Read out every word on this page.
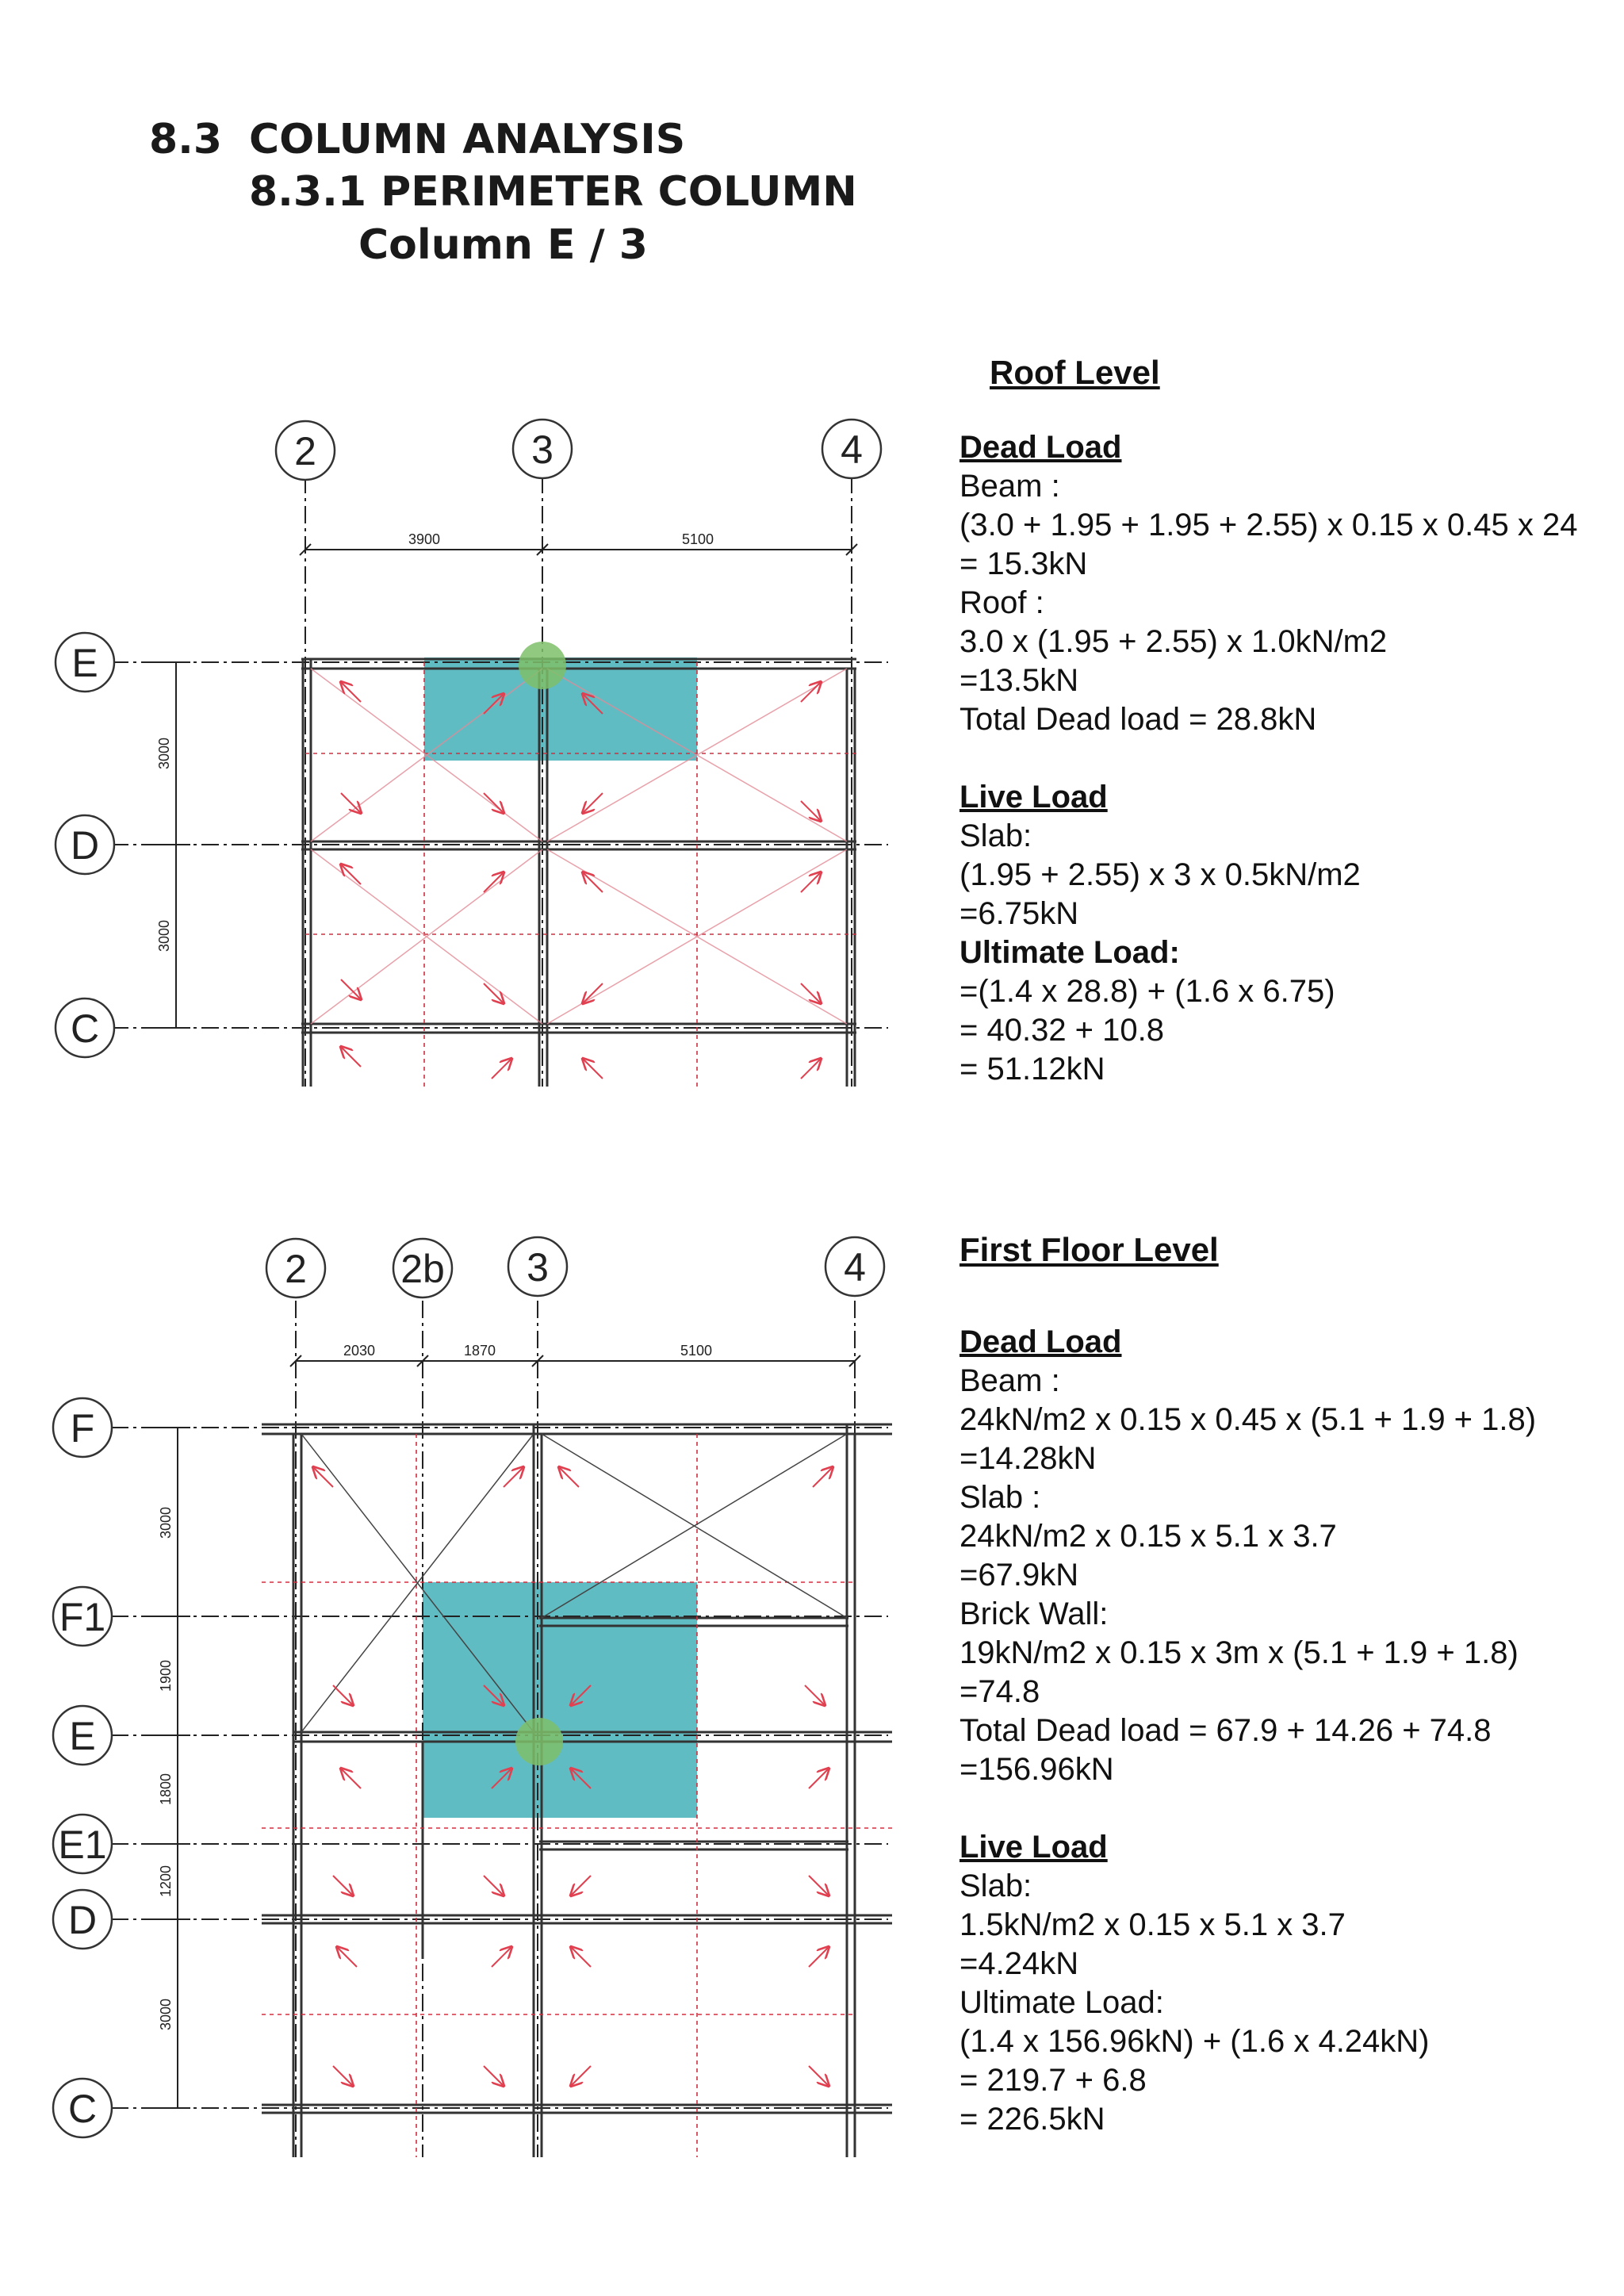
8.3 COLUMN ANALYSIS
8.3.1 PERIMETER COLUMN
Column E / 3
3900	5100
3000
3000
2	3	4
E
D
C
Roof Level
Dead Load
Beam :
(3.0 + 1.95 + 1.95 + 2.55) x 0.15 x 0.45 x 24
= 15.3kN
Roof :
3.0 x (1.95 + 2.55) x 1.0kN/m2
=13.5kN
Total Dead load = 28.8kN
Live Load
Slab:
(1.95 + 2.55) x 3 x 0.5kN/m2
=6.75kN
Ultimate Load:
=(1.4 x 28.8) + (1.6 x 6.75)
= 40.32 + 10.8
= 51.12kN
2030	1870	5100
3000
1900
1800
1200
3000
2 2b 3	4
F
F1
E
E1
D
C
First Floor Level
Dead Load
Beam :
24kN/m2 x 0.15 x 0.45 x (5.1 + 1.9 + 1.8)
=14.28kN
Slab :
24kN/m2 x 0.15 x 5.1 x 3.7
=67.9kN
Brick Wall:
19kN/m2 x 0.15 x 3m x (5.1 + 1.9 + 1.8)
=74.8
Total Dead load = 67.9 + 14.26 + 74.8
=156.96kN
Live Load
Slab:
1.5kN/m2 x 0.15 x 5.1 x 3.7
=4.24kN
Ultimate Load:
(1.4 x 156.96kN) + (1.6 x 4.24kN)
= 219.7 + 6.8
= 226.5kN
